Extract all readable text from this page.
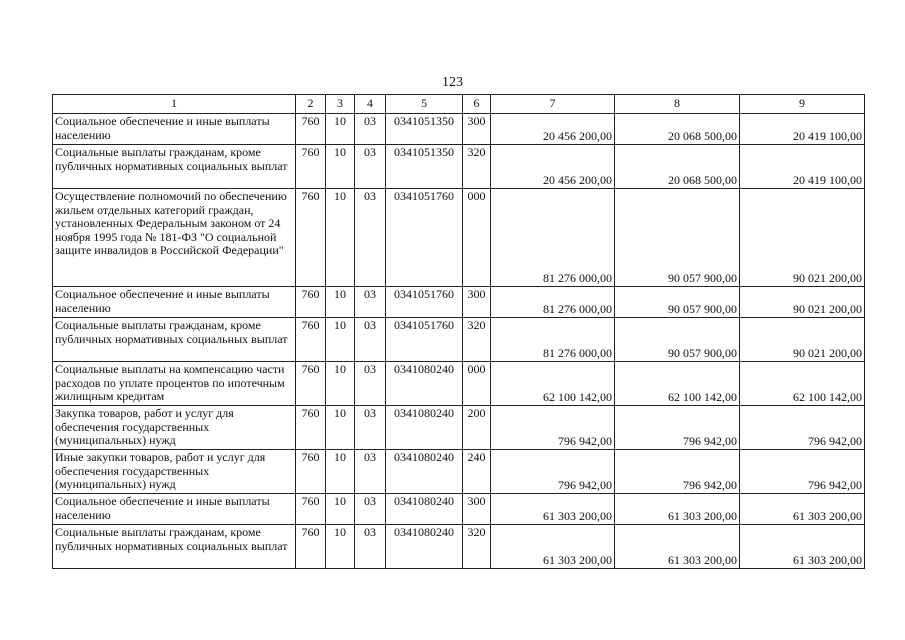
123
1	2	3	4	5	6	7	8	9
Социальное обеспечение и иные выплаты населению	760	10	03	0341051350	300	20 456 200,00	20 068 500,00	20 419 100,00
Социальные выплаты гражданам, кроме публичных нормативных социальных выплат	760	10	03	0341051350	320	20 456 200,00	20 068 500,00	20 419 100,00
Осуществление полномочий по обеспечению жильем отдельных категорий граждан, установленных Федеральным законом от 24 ноября 1995 года № 181-ФЗ "О социальной защите инвалидов в Российской Федерации"	760	10	03	0341051760	000	81 276 000,00	90 057 900,00	90 021 200,00
Социальное обеспечение и иные выплаты населению	760	10	03	0341051760	300	81 276 000,00	90 057 900,00	90 021 200,00
Социальные выплаты гражданам, кроме публичных нормативных социальных выплат	760	10	03	0341051760	320	81 276 000,00	90 057 900,00	90 021 200,00
Социальные выплаты на компенсацию части расходов по уплате процентов по ипотечным жилищным кредитам	760	10	03	0341080240	000	62 100 142,00	62 100 142,00	62 100 142,00
Закупка товаров, работ и услуг для обеспечения государственных (муниципальных) нужд	760	10	03	0341080240	200	796 942,00	796 942,00	796 942,00
Иные закупки товаров, работ и услуг для обеспечения государственных (муниципальных) нужд	760	10	03	0341080240	240	796 942,00	796 942,00	796 942,00
Социальное обеспечение и иные выплаты населению	760	10	03	0341080240	300	61 303 200,00	61 303 200,00	61 303 200,00
Социальные выплаты гражданам, кроме публичных нормативных социальных выплат	760	10	03	0341080240	320	61 303 200,00	61 303 200,00	61 303 200,00
